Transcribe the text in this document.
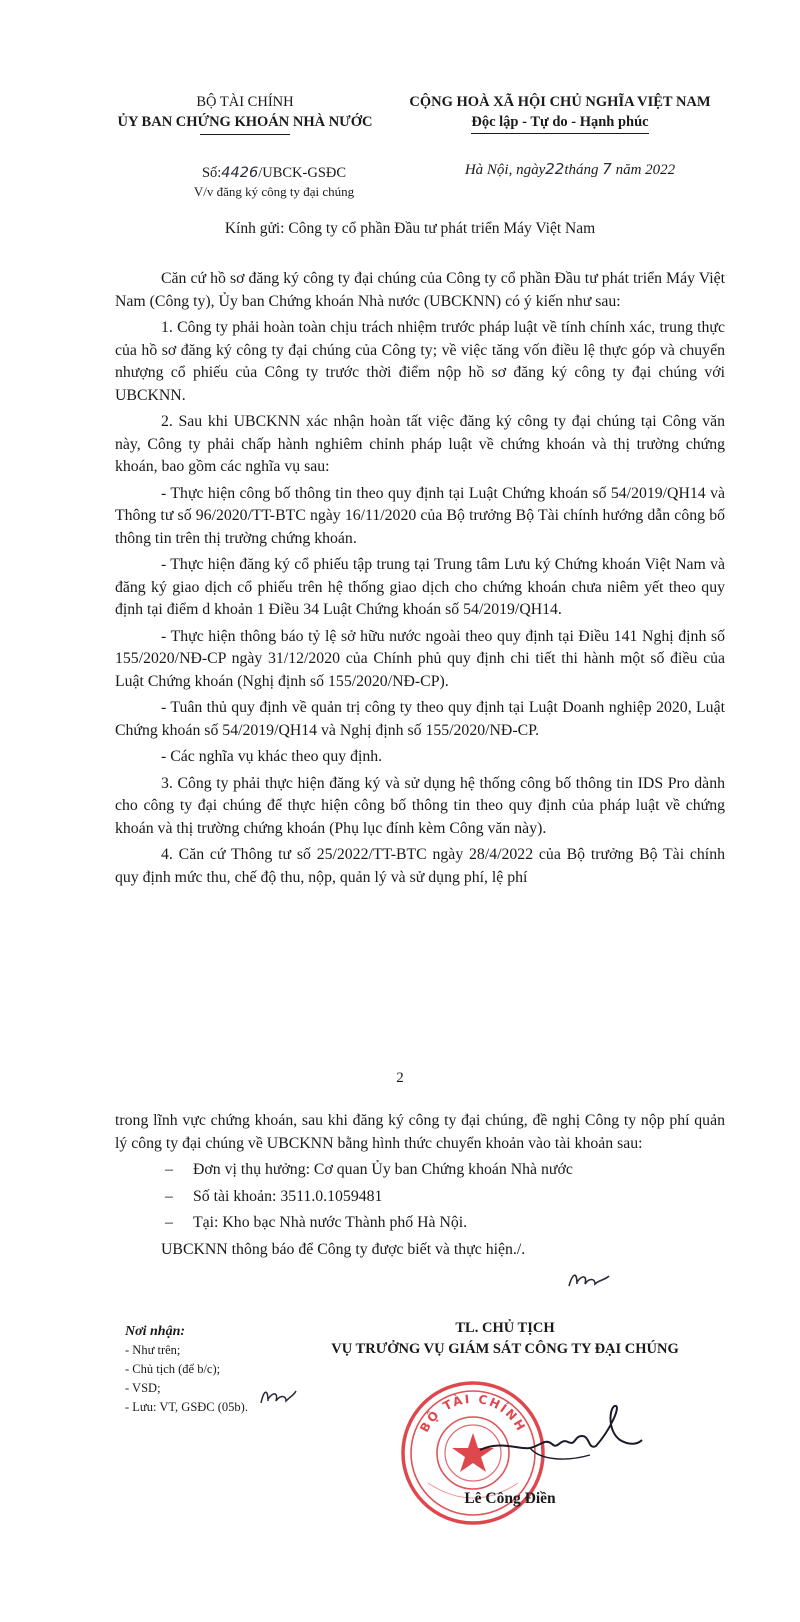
BỘ TÀI CHÍNH
ỦY BAN CHỨNG KHOÁN NHÀ NƯỚC
CỘNG HOÀ XÃ HỘI CHỦ NGHĨA VIỆT NAM
Độc lập - Tự do - Hạnh phúc
Số:4426/UBCK-GSĐC
V/v đăng ký công ty đại chúng
Hà Nội, ngày22tháng 7 năm 2022
Kính gửi: Công ty cổ phần Đầu tư phát triển Máy Việt Nam

Căn cứ hồ sơ đăng ký công ty đại chúng của Công ty cổ phần Đầu tư phát triển Máy Việt Nam (Công ty), Ủy ban Chứng khoán Nhà nước (UBCKNN) có ý kiến như sau:

1. Công ty phải hoàn toàn chịu trách nhiệm trước pháp luật về tính chính xác, trung thực của hồ sơ đăng ký công ty đại chúng của Công ty; về việc tăng vốn điều lệ thực góp và chuyển nhượng cổ phiếu của Công ty trước thời điểm nộp hồ sơ đăng ký công ty đại chúng với UBCKNN.

2. Sau khi UBCKNN xác nhận hoàn tất việc đăng ký công ty đại chúng tại Công văn này, Công ty phải chấp hành nghiêm chỉnh pháp luật về chứng khoán và thị trường chứng khoán, bao gồm các nghĩa vụ sau:

- Thực hiện công bố thông tin theo quy định tại Luật Chứng khoán số 54/2019/QH14 và Thông tư số 96/2020/TT-BTC ngày 16/11/2020 của Bộ trưởng Bộ Tài chính hướng dẫn công bố thông tin trên thị trường chứng khoán.

- Thực hiện đăng ký cổ phiếu tập trung tại Trung tâm Lưu ký Chứng khoán Việt Nam và đăng ký giao dịch cổ phiếu trên hệ thống giao dịch cho chứng khoán chưa niêm yết theo quy định tại điểm d khoản 1 Điều 34 Luật Chứng khoán số 54/2019/QH14.

- Thực hiện thông báo tỷ lệ sở hữu nước ngoài theo quy định tại Điều 141 Nghị định số 155/2020/NĐ-CP ngày 31/12/2020 của Chính phủ quy định chi tiết thi hành một số điều của Luật Chứng khoán (Nghị định số 155/2020/NĐ-CP).

- Tuân thủ quy định về quản trị công ty theo quy định tại Luật Doanh nghiệp 2020, Luật Chứng khoán số 54/2019/QH14 và Nghị định số 155/2020/NĐ-CP.

- Các nghĩa vụ khác theo quy định.

3. Công ty phải thực hiện đăng ký và sử dụng hệ thống công bố thông tin IDS Pro dành cho công ty đại chúng để thực hiện công bố thông tin theo quy định của pháp luật về chứng khoán và thị trường chứng khoán (Phụ lục đính kèm Công văn này).

4. Căn cứ Thông tư số 25/2022/TT-BTC ngày 28/4/2022 của Bộ trưởng Bộ Tài chính quy định mức thu, chế độ thu, nộp, quản lý và sử dụng phí, lệ phí

2

trong lĩnh vực chứng khoán, sau khi đăng ký công ty đại chúng, đề nghị Công ty nộp phí quản lý công ty đại chúng về UBCKNN bằng hình thức chuyển khoản vào tài khoản sau:

– Đơn vị thụ hưởng: Cơ quan Ủy ban Chứng khoán Nhà nước

– Số tài khoản: 3511.0.1059481

– Tại: Kho bạc Nhà nước Thành phố Hà Nội.

UBCKNN thông báo để Công ty được biết và thực hiện./.

Nơi nhận:
- Như trên;
- Chủ tịch (để b/c);
- VSD;
- Lưu: VT, GSĐC (05b).
TL. CHỦ TỊCH
VỤ TRƯỞNG VỤ GIÁM SÁT CÔNG TY ĐẠI CHÚNG
BỘ TÀI CHÍNH
Lê Công Điền
